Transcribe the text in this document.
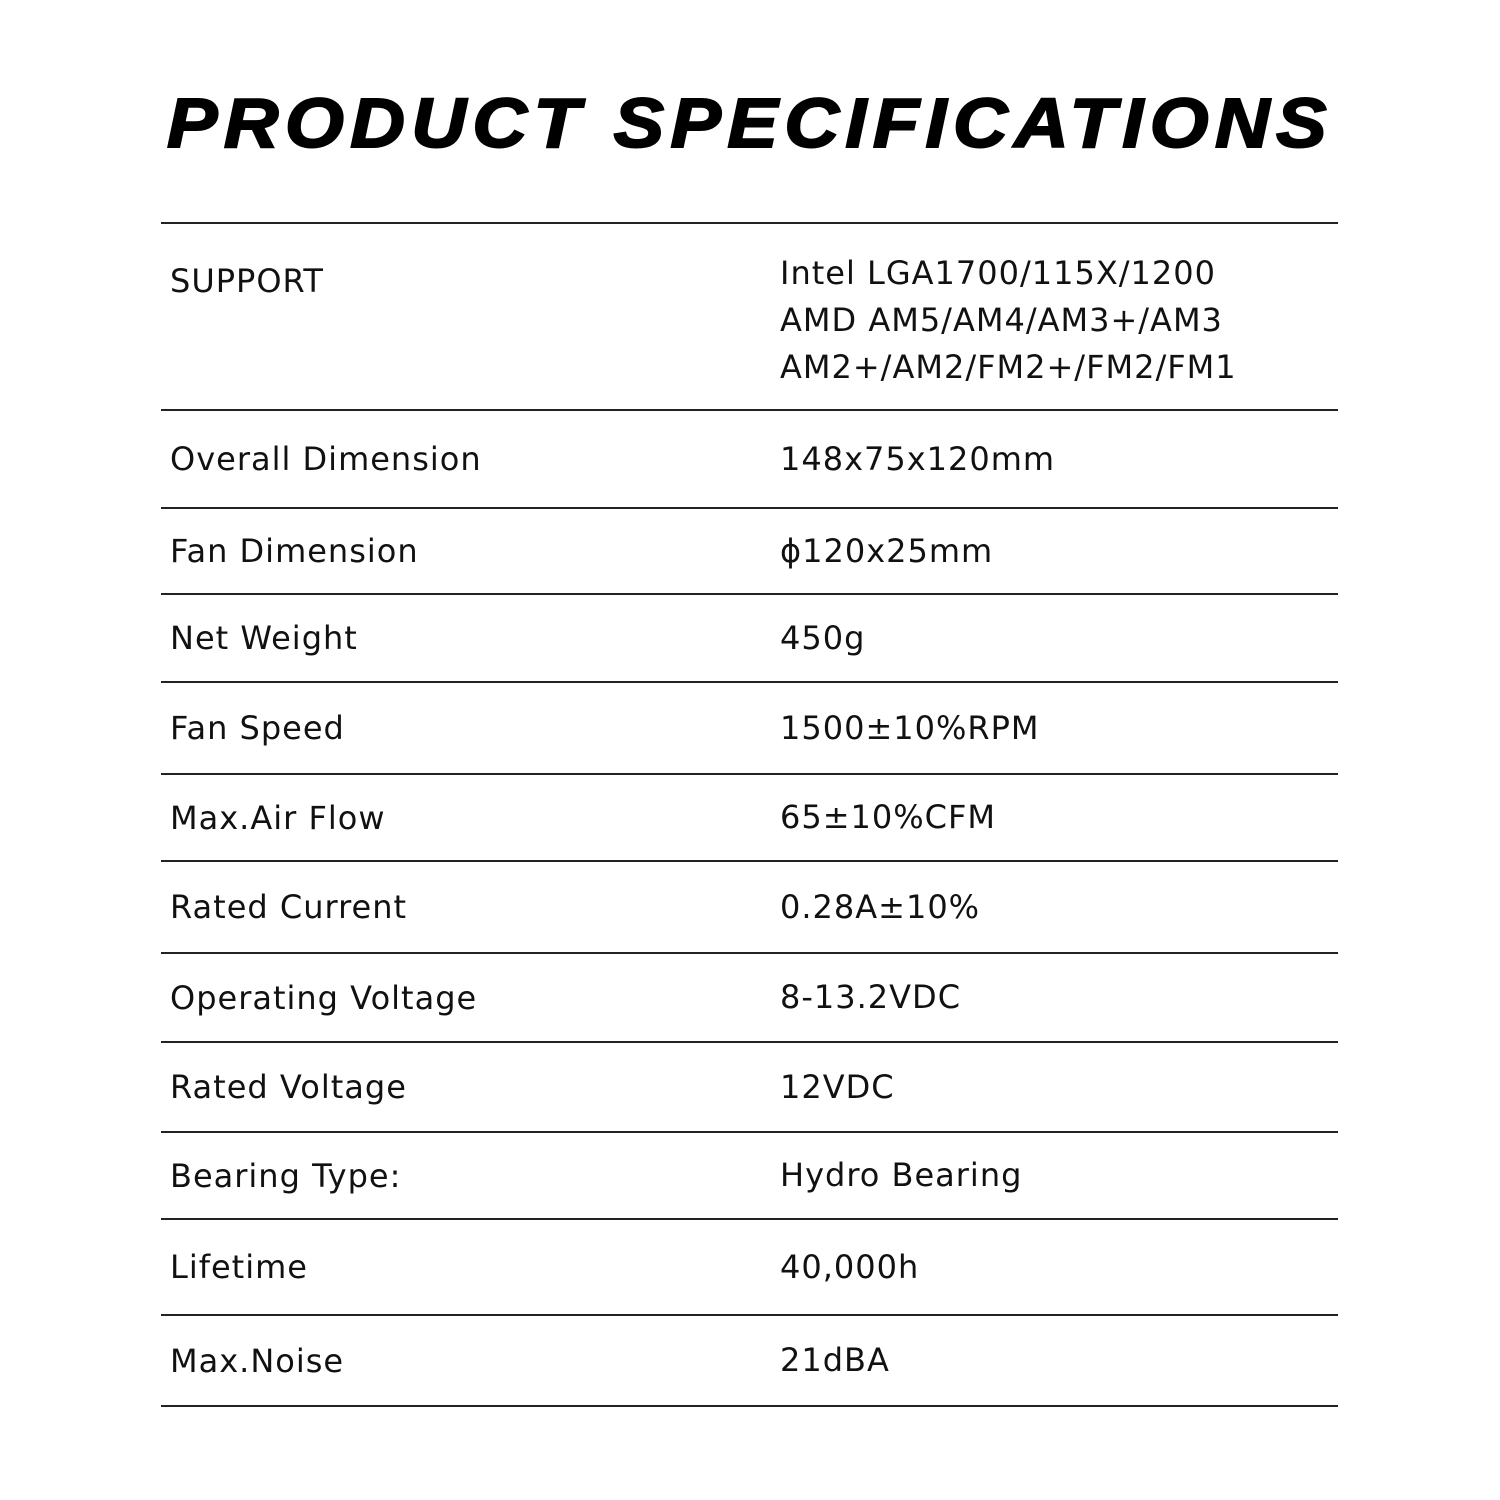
PRODUCT SPECIFICATIONS
SUPPORT	Intel LGA1700/115X/1200
AMD AM5/AM4/AM3+/AM3
AM2+/AM2/FM2+/FM2/FM1
Overall Dimension	148x75x120mm
Fan Dimension	ϕ120x25mm
Net Weight	450g
Fan Speed	1500±10%RPM
Max.Air Flow	65±10%CFM
Rated Current	0.28A±10%
Operating Voltage	8-13.2VDC
Rated Voltage	12VDC
Bearing Type:	Hydro Bearing
Lifetime	40,000h
Max.Noise	21dBA
